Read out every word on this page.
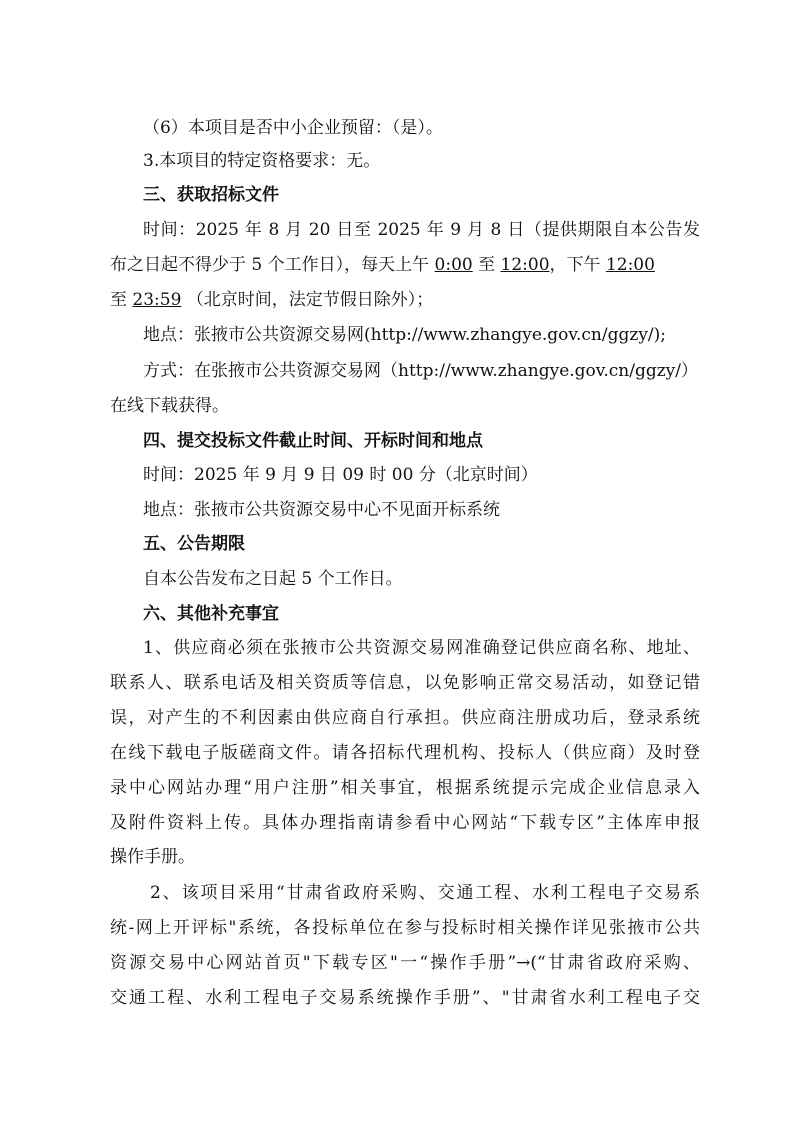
（6）本项目是否中小企业预留：（是）。
3.本项目的特定资格要求：无。
三、获取招标文件
时间：2025 年 8 月 20 日至 2025 年 9 月 8 日（提供期限自本公告发
布之日起不得少于 5 个工作日），每天上午 0:00 至 12:00，下午 12:00
至 23:59 （北京时间，法定节假日除外）；
地点：张掖市公共资源交易网(http://www.zhangye.gov.cn/ggzy/);
方式：在张掖市公共资源交易网（http://www.zhangye.gov.cn/ggzy/）
在线下载获得。
四、提交投标文件截止时间、开标时间和地点
时间：2025 年 9 月 9 日 09 时 00 分（北京时间）
地点：张掖市公共资源交易中心不见面开标系统
五、公告期限
自本公告发布之日起 5 个工作日。
六、其他补充事宜
1、供应商必须在张掖市公共资源交易网准确登记供应商名称、地址、
联系人、联系电话及相关资质等信息，以免影响正常交易活动，如登记错
误，对产生的不利因素由供应商自行承担。供应商注册成功后，登录系统
在线下载电子版磋商文件。请各招标代理机构、投标人（供应商）及时登
录中心网站办理“用户注册”相关事宜，根据系统提示完成企业信息录入
及附件资料上传。具体办理指南请参看中心网站“下载专区”主体库申报
操作手册。
2、该项目采用“甘肃省政府采购、交通工程、水利工程电子交易系
统-网上开评标"系统，各投标单位在参与投标时相关操作详见张掖市公共
资源交易中心网站首页"下载专区"一“操作手册”→(“甘肃省政府采购、
交通工程、水利工程电子交易系统操作手册”、"甘肃省水利工程电子交
